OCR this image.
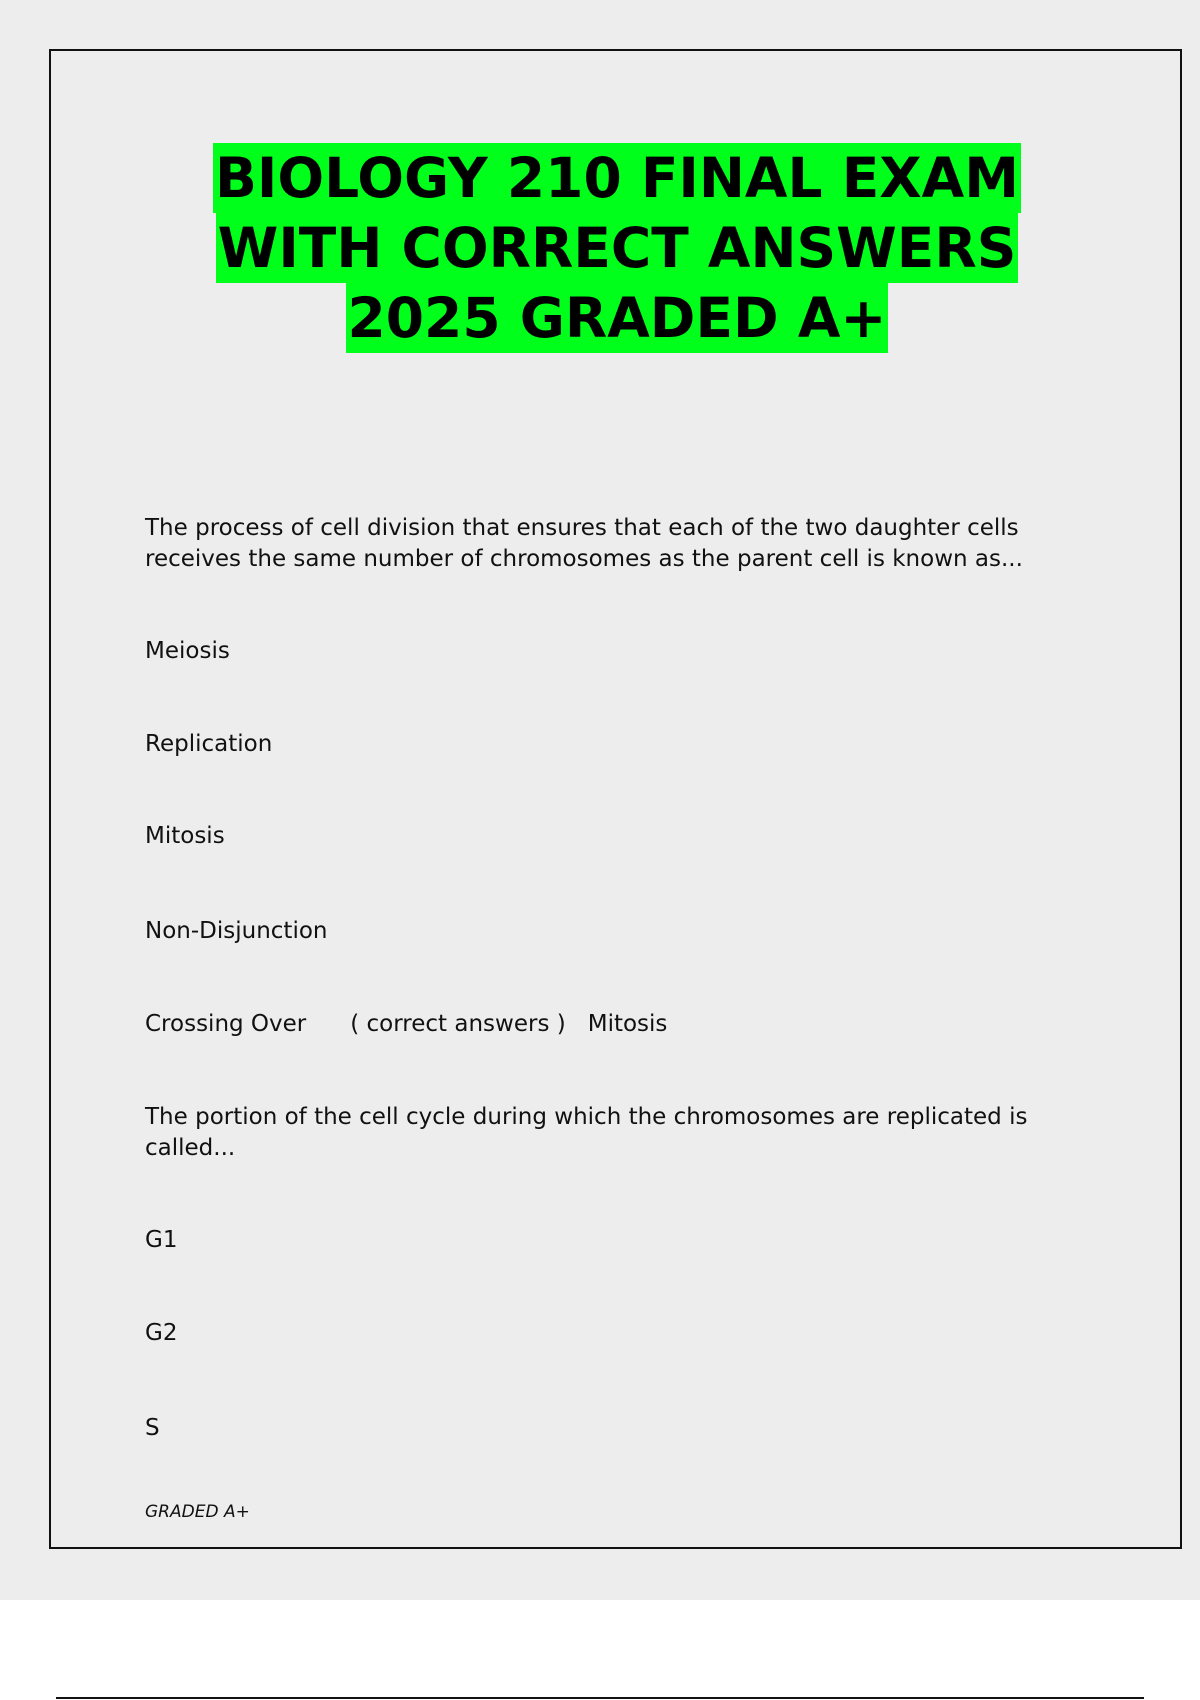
BIOLOGY 210 FINAL EXAM
WITH CORRECT ANSWERS
2025 GRADED A+
The process of cell division that ensures that each of the two daughter cells
receives the same number of chromosomes as the parent cell is known as...
Meiosis
Replication
Mitosis
Non-Disjunction
Crossing Over ( correct answers ) Mitosis
The portion of the cell cycle during which the chromosomes are replicated is
called...
G1
G2
S
GRADED A+
